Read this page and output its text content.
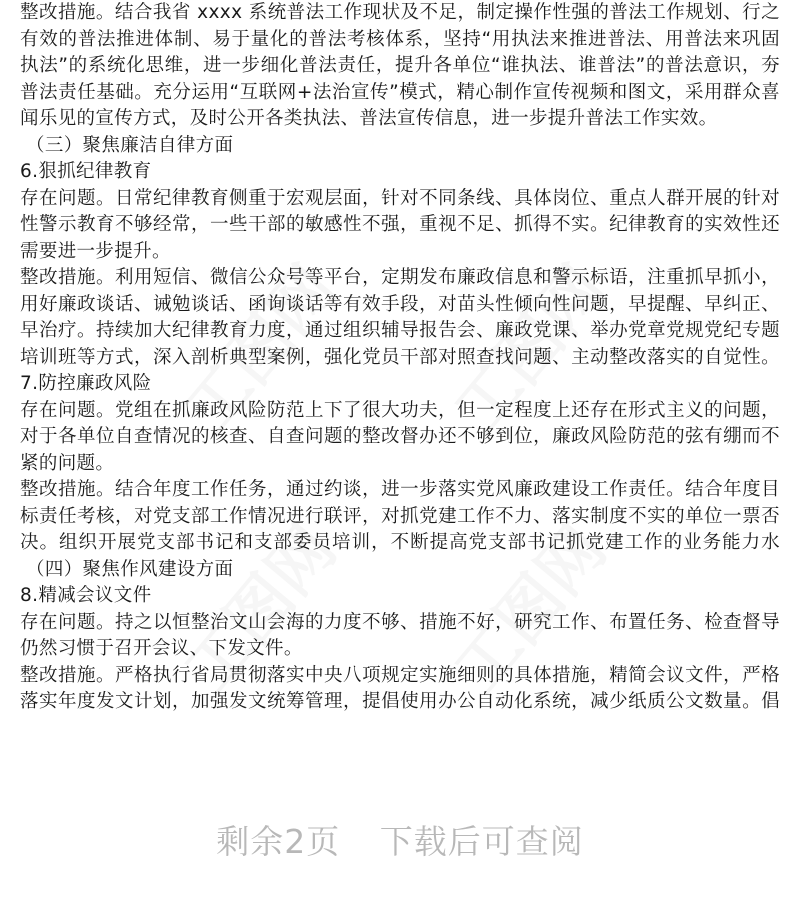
整改措施。结合我省 xxxx 系统普法工作现状及不足，制定操作性强的普法工作规划、行之
有效的普法推进体制、易于量化的普法考核体系，坚持“用执法来推进普法、用普法来巩固
执法”的系统化思维，进一步细化普法责任，提升各单位“谁执法、谁普法”的普法意识，夯
普法责任基础。充分运用“互联网+法治宣传”模式，精心制作宣传视频和图文，采用群众喜
闻乐见的宣传方式，及时公开各类执法、普法宣传信息，进一步提升普法工作实效。
（三）聚焦廉洁自律方面
6.狠抓纪律教育
存在问题。日常纪律教育侧重于宏观层面，针对不同条线、具体岗位、重点人群开展的针对
性警示教育不够经常，一些干部的敏感性不强，重视不足、抓得不实。纪律教育的实效性还
需要进一步提升。
整改措施。利用短信、微信公众号等平台，定期发布廉政信息和警示标语，注重抓早抓小，
用好廉政谈话、诫勉谈话、函询谈话等有效手段，对苗头性倾向性问题，早提醒、早纠正、
早治疗。持续加大纪律教育力度，通过组织辅导报告会、廉政党课、举办党章党规党纪专题
培训班等方式，深入剖析典型案例，强化党员干部对照查找问题、主动整改落实的自觉性。
7.防控廉政风险
存在问题。党组在抓廉政风险防范上下了很大功夫，但一定程度上还存在形式主义的问题，
对于各单位自查情况的核查、自查问题的整改督办还不够到位，廉政风险防范的弦有绷而不
紧的问题。
整改措施。结合年度工作任务，通过约谈，进一步落实党风廉政建设工作责任。结合年度目
标责任考核，对党支部工作情况进行联评，对抓党建工作不力、落实制度不实的单位一票否
决。组织开展党支部书记和支部委员培训，不断提高党支部书记抓党建工作的业务能力水
（四）聚焦作风建设方面
8.精减会议文件
存在问题。持之以恒整治文山会海的力度不够、措施不好，研究工作、布置任务、检查督导
仍然习惯于召开会议、下发文件。
整改措施。严格执行省局贯彻落实中央八项规定实施细则的具体措施，精简会议文件，严格
落实年度发文计划，加强发文统筹管理，提倡使用办公自动化系统，减少纸质公文数量。倡
剩余2页 下载后可查阅
